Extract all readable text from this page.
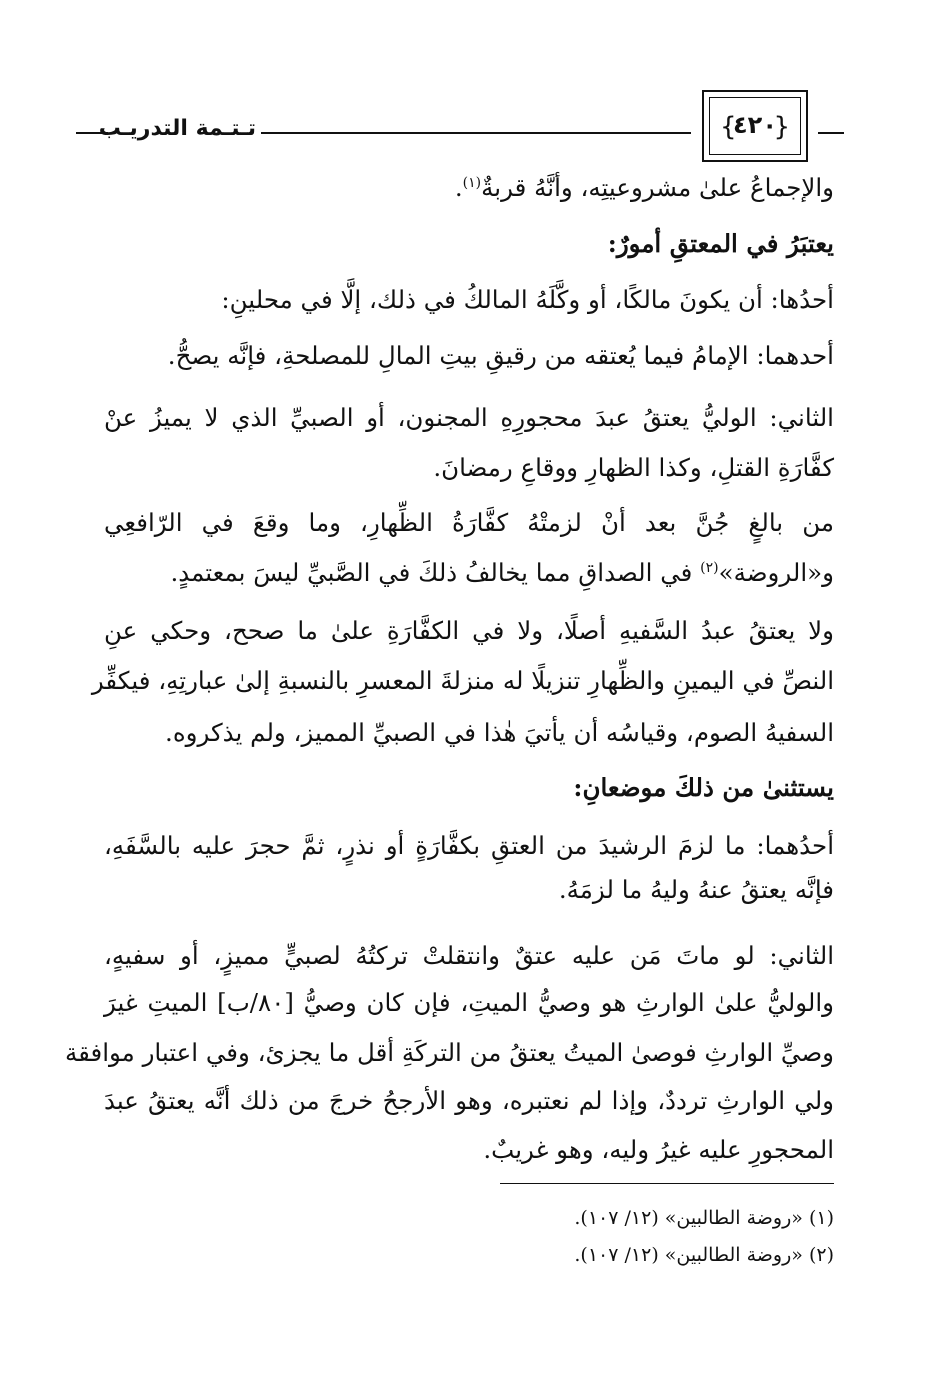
تـتـمة التدريـب	{
٤٢٠
}
والإجماعُ علىٰ مشروعيتِه، وأنَّهُ قربةٌ$^{(١)}$.
يعتبَرُ في المعتقِ أمورٌ:
أحدُها: أن يكونَ مالكًا، أو وكَّلَهُ المالكُ في ذلك، إلَّا في محلينِ:
أحدهما: الإمامُ فيما يُعتقه من رقيقِ بيتِ المالِ للمصلحةِ، فإنَّه يصحُّ.
الثاني: الوليُّ يعتقُ عبدَ محجورِهِ المجنون، أو الصبيِّ الذي لا يميزُ عنْ
كفَّارَةِ القتلِ، وكذا الظهارِ ووقاعِ رمضانَ.
من بالغٍ جُنَّ بعد أنْ لزمتْهُ كفَّارَةُ الظِّهارِ، وما وقعَ في الرّافعِي
و«الروضة»$^{(٢)}$ في الصداقِ مما يخالفُ ذلكَ في الصَّبيِّ ليسَ بمعتمدٍ.
ولا يعتقُ عبدُ السَّفيهِ أصلًا، ولا في الكفَّارَةِ علىٰ ما صحح، وحكي عنِ
النصِّ في اليمينِ والظِّهارِ تنزيلًا له منزلةَ المعسرِ بالنسبةِ إلىٰ عبارتِهِ، فيكفِّر
السفيهُ الصوم، وقياسُه أن يأتيَ هٰذا في الصبيِّ المميز، ولم يذكروه.
يستثنىٰ من ذلكَ موضعانِ:
أحدُهما: ما لزمَ الرشيدَ من العتقِ بكفَّارَةٍ أو نذرٍ، ثمَّ حجرَ عليه بالسَّفَهِ،
فإنَّه يعتقُ عنهُ وليهُ ما لزمَهُ.
الثاني: لو ماتَ مَن عليه عتقٌ وانتقلتْ تركتُهُ لصبيٍّ مميزٍ، أو سفيهٍ،
والوليُّ علىٰ الوارثِ هو وصيُّ الميتِ، فإن كان وصيُّ [٨٠/ب] الميتِ غيرَ
وصيِّ الوارثِ فوصىٰ الميتُ يعتقُ من التركَةِ أقل ما يجزئ، وفي اعتبار موافقة
ولي الوارثِ ترددٌ، وإذا لم نعتبره، وهو الأرجحُ خرجَ من ذلك أنَّه يعتقُ عبدَ
المحجورِ عليه غيرُ وليه، وهو غريبٌ.
(١) «روضة الطالبين» (١٢/ ١٠٧).
(٢) «روضة الطالبين» (١٢/ ١٠٧).
